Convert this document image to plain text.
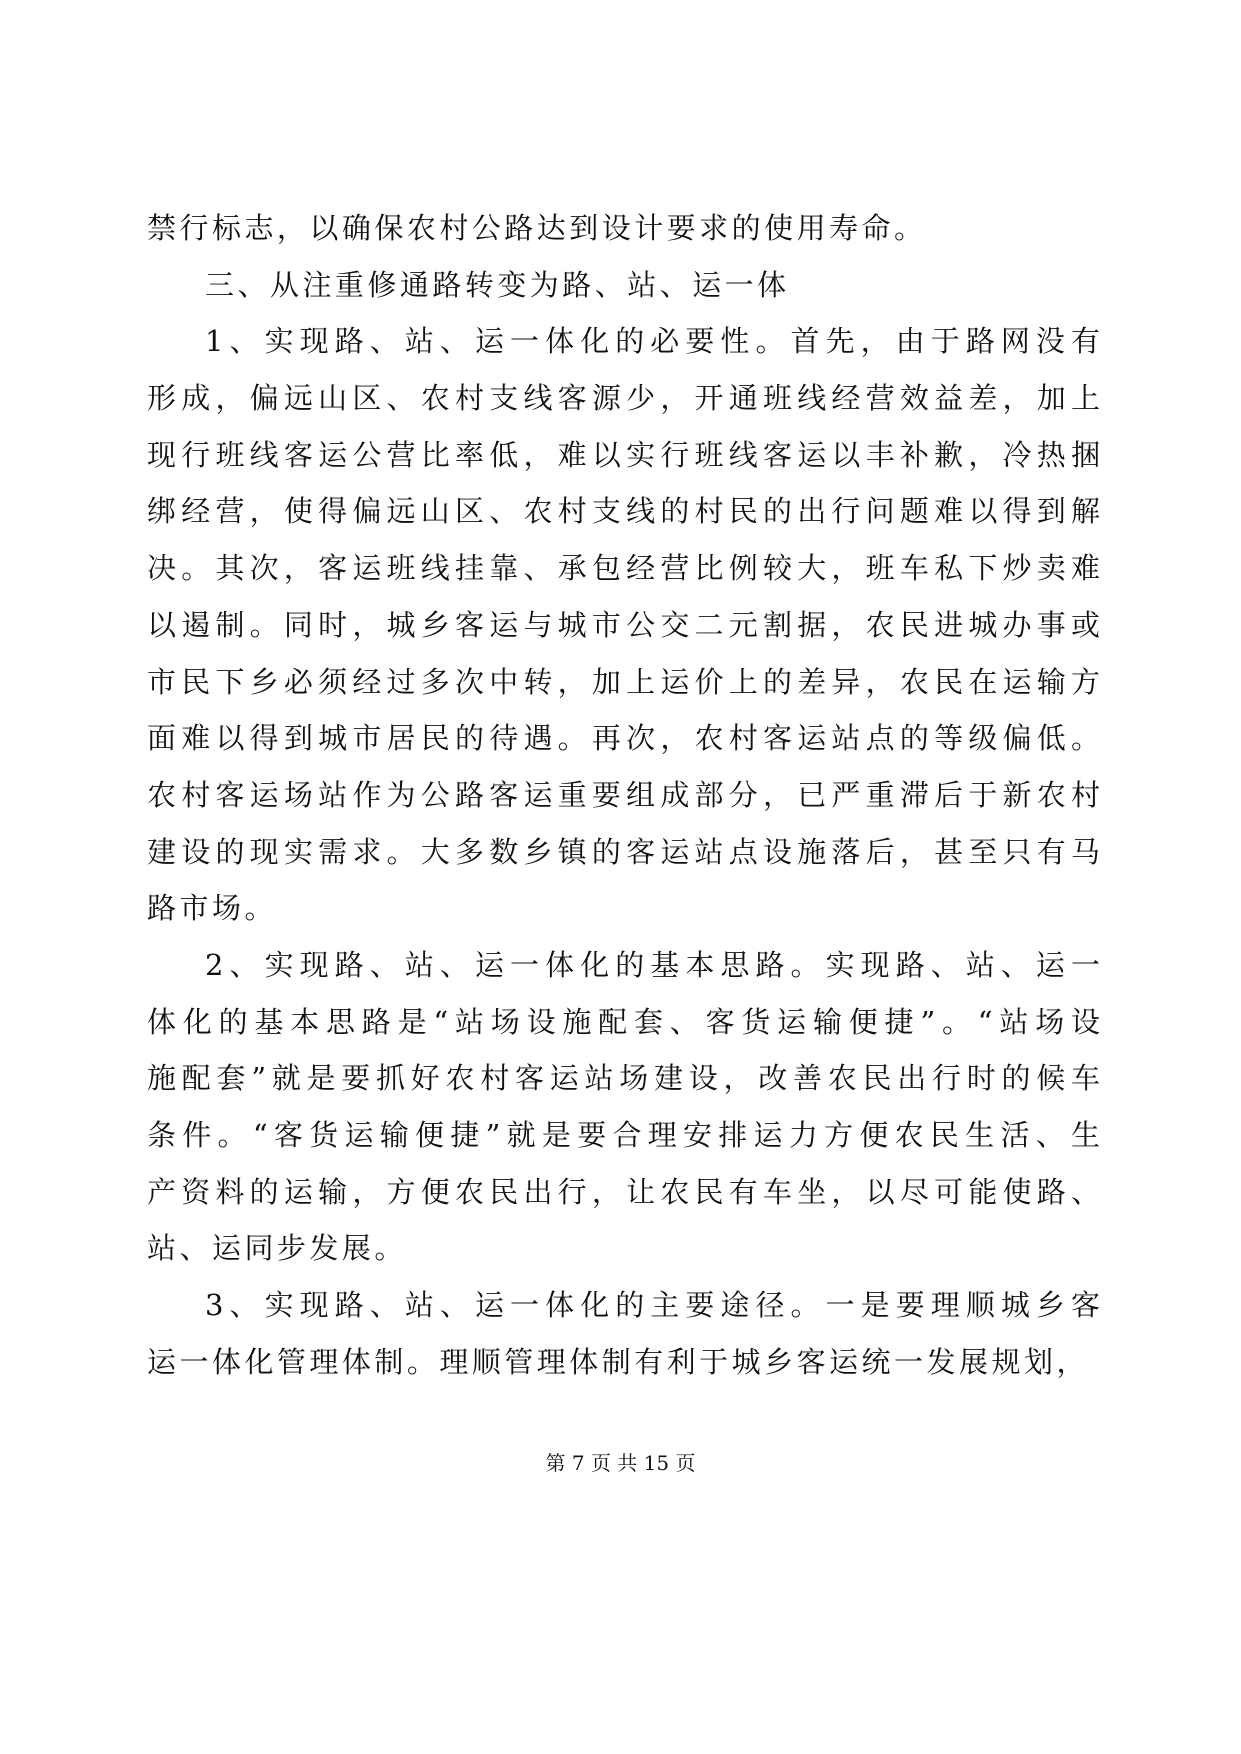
禁行标志，以确保农村公路达到设计要求的使用寿命。
三、从注重修通路转变为路、站、运一体
1、实现路、站、运一体化的必要性。首先，由于路网没有
形成，偏远山区、农村支线客源少，开通班线经营效益差，加上
现行班线客运公营比率低，难以实行班线客运以丰补歉，冷热捆
绑经营，使得偏远山区、农村支线的村民的出行问题难以得到解
决。其次，客运班线挂靠、承包经营比例较大，班车私下炒卖难
以遏制。同时，城乡客运与城市公交二元割据，农民进城办事或
市民下乡必须经过多次中转，加上运价上的差异，农民在运输方
面难以得到城市居民的待遇。再次，农村客运站点的等级偏低。
农村客运场站作为公路客运重要组成部分，已严重滞后于新农村
建设的现实需求。大多数乡镇的客运站点设施落后，甚至只有马
路市场。
2、实现路、站、运一体化的基本思路。实现路、站、运一
体化的基本思路是“站场设施配套、客货运输便捷”。“站场设
施配套”就是要抓好农村客运站场建设，改善农民出行时的候车
条件。“客货运输便捷”就是要合理安排运力方便农民生活、生
产资料的运输，方便农民出行，让农民有车坐，以尽可能使路、
站、运同步发展。
3、实现路、站、运一体化的主要途径。一是要理顺城乡客
运一体化管理体制。理顺管理体制有利于城乡客运统一发展规划，
第 7 页 共 15 页
